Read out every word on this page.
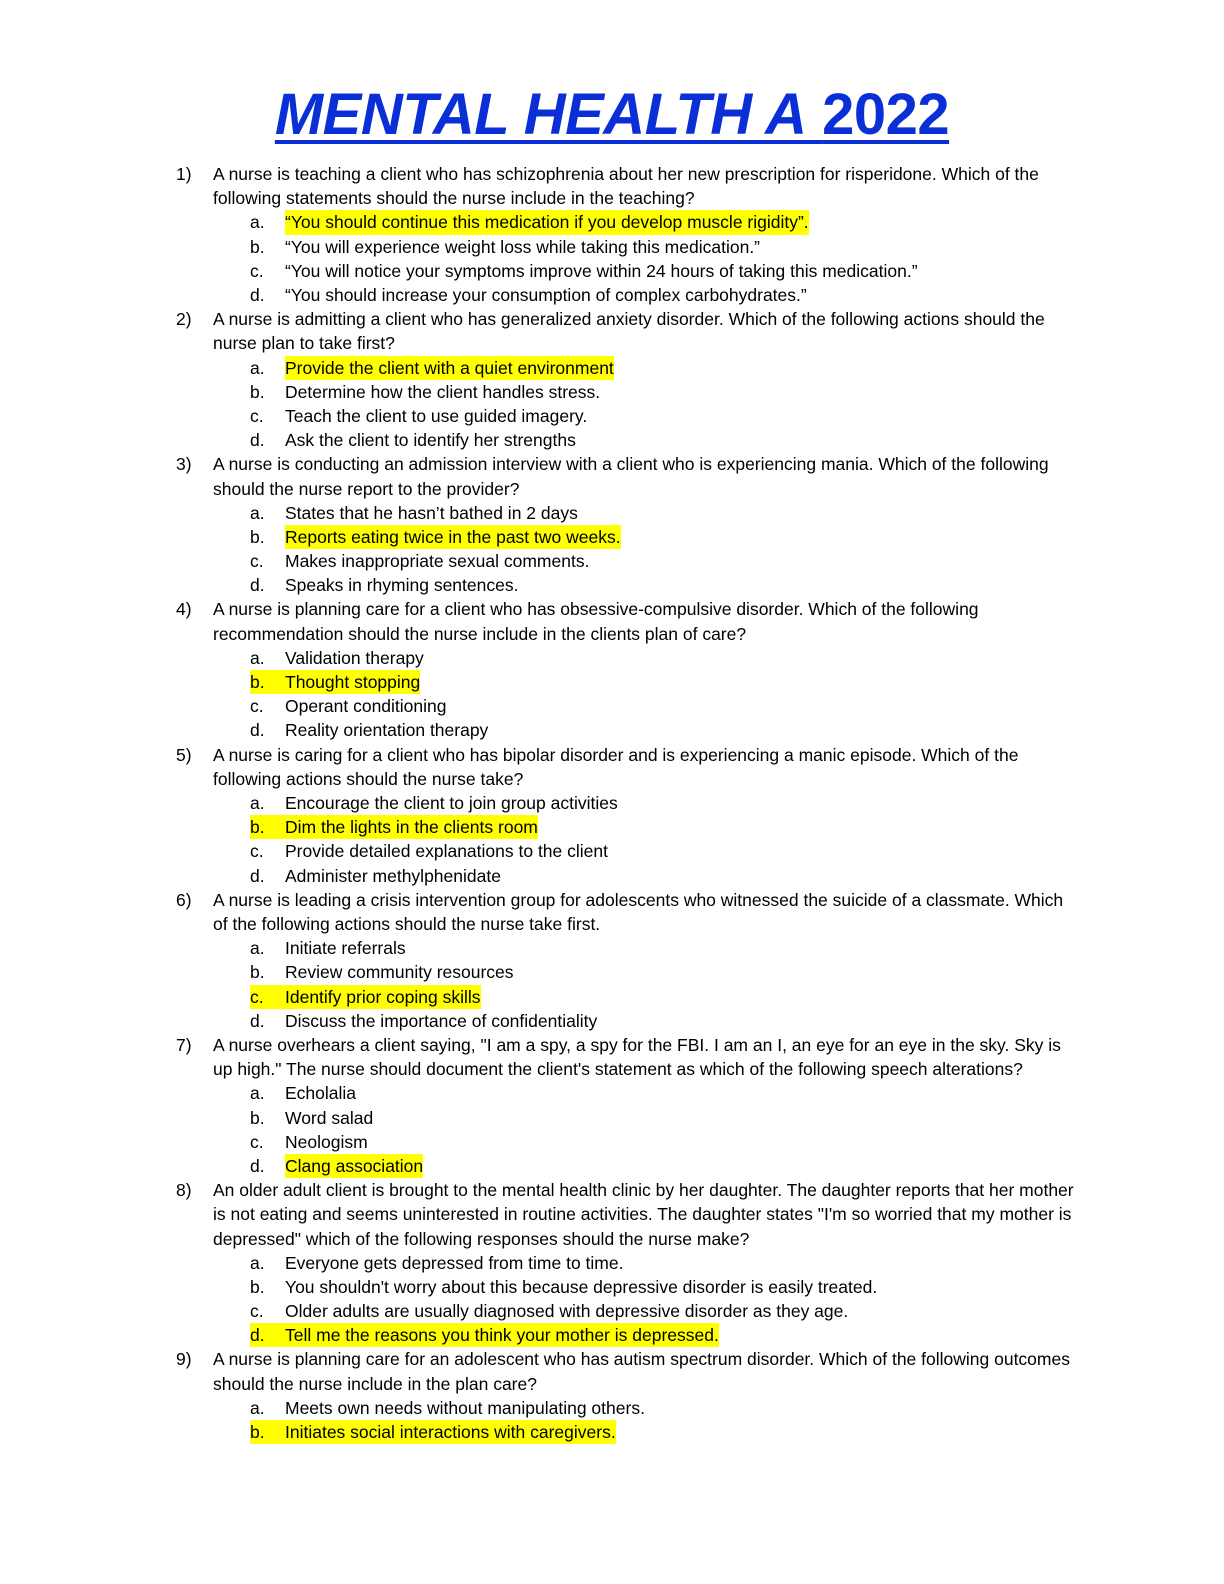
MENTAL HEALTH A 2022
1) A nurse is teaching a client who has schizophrenia about her new prescription for risperidone. Which of the following statements should the nurse include in the teaching?
a.	“You should continue this medication if you develop muscle rigidity”.
b.	“You will experience weight loss while taking this medication.”
c.	“You will notice your symptoms improve within 24 hours of taking this medication.”
d.	“You should increase your consumption of complex carbohydrates.”
2) A nurse is admitting a client who has generalized anxiety disorder. Which of the following actions should the nurse plan to take first?
a.	Provide the client with a quiet environment
b.	Determine how the client handles stress.
c.	Teach the client to use guided imagery.
d.	Ask the client to identify her strengths
3) A nurse is conducting an admission interview with a client who is experiencing mania. Which of the following should the nurse report to the provider?
a.	States that he hasn’t bathed in 2 days
b.	Reports eating twice in the past two weeks.
c.	Makes inappropriate sexual comments.
d.	Speaks in rhyming sentences.
4) A nurse is planning care for a client who has obsessive-compulsive disorder. Which of the following recommendation should the nurse include in the clients plan of care?
a.	Validation therapy
b.	Thought stopping
c.	Operant conditioning
d.	Reality orientation therapy
5) A nurse is caring for a client who has bipolar disorder and is experiencing a manic episode. Which of the following actions should the nurse take?
a.	Encourage the client to join group activities
b.	Dim the lights in the clients room
c.	Provide detailed explanations to the client
d.	Administer methylphenidate
6) A nurse is leading a crisis intervention group for adolescents who witnessed the suicide of a classmate. Which of the following actions should the nurse take first.
a.	Initiate referrals
b.	Review community resources
c.	Identify prior coping skills
d.	Discuss the importance of confidentiality
7) A nurse overhears a client saying, "I am a spy, a spy for the FBI. I am an I, an eye for an eye in the sky. Sky is up high." The nurse should document the client's statement as which of the following speech alterations?
a.	Echolalia
b.	Word salad
c.	Neologism
d.	Clang association
8) An older adult client is brought to the mental health clinic by her daughter. The daughter reports that her mother is not eating and seems uninterested in routine activities. The daughter states "I'm so worried that my mother is depressed" which of the following responses should the nurse make?
a.	Everyone gets depressed from time to time.
b.	You shouldn't worry about this because depressive disorder is easily treated.
c.	Older adults are usually diagnosed with depressive disorder as they age.
d.	Tell me the reasons you think your mother is depressed.
9) A nurse is planning care for an adolescent who has autism spectrum disorder. Which of the following outcomes should the nurse include in the plan care?
a.	Meets own needs without manipulating others.
b.	Initiates social interactions with caregivers.
